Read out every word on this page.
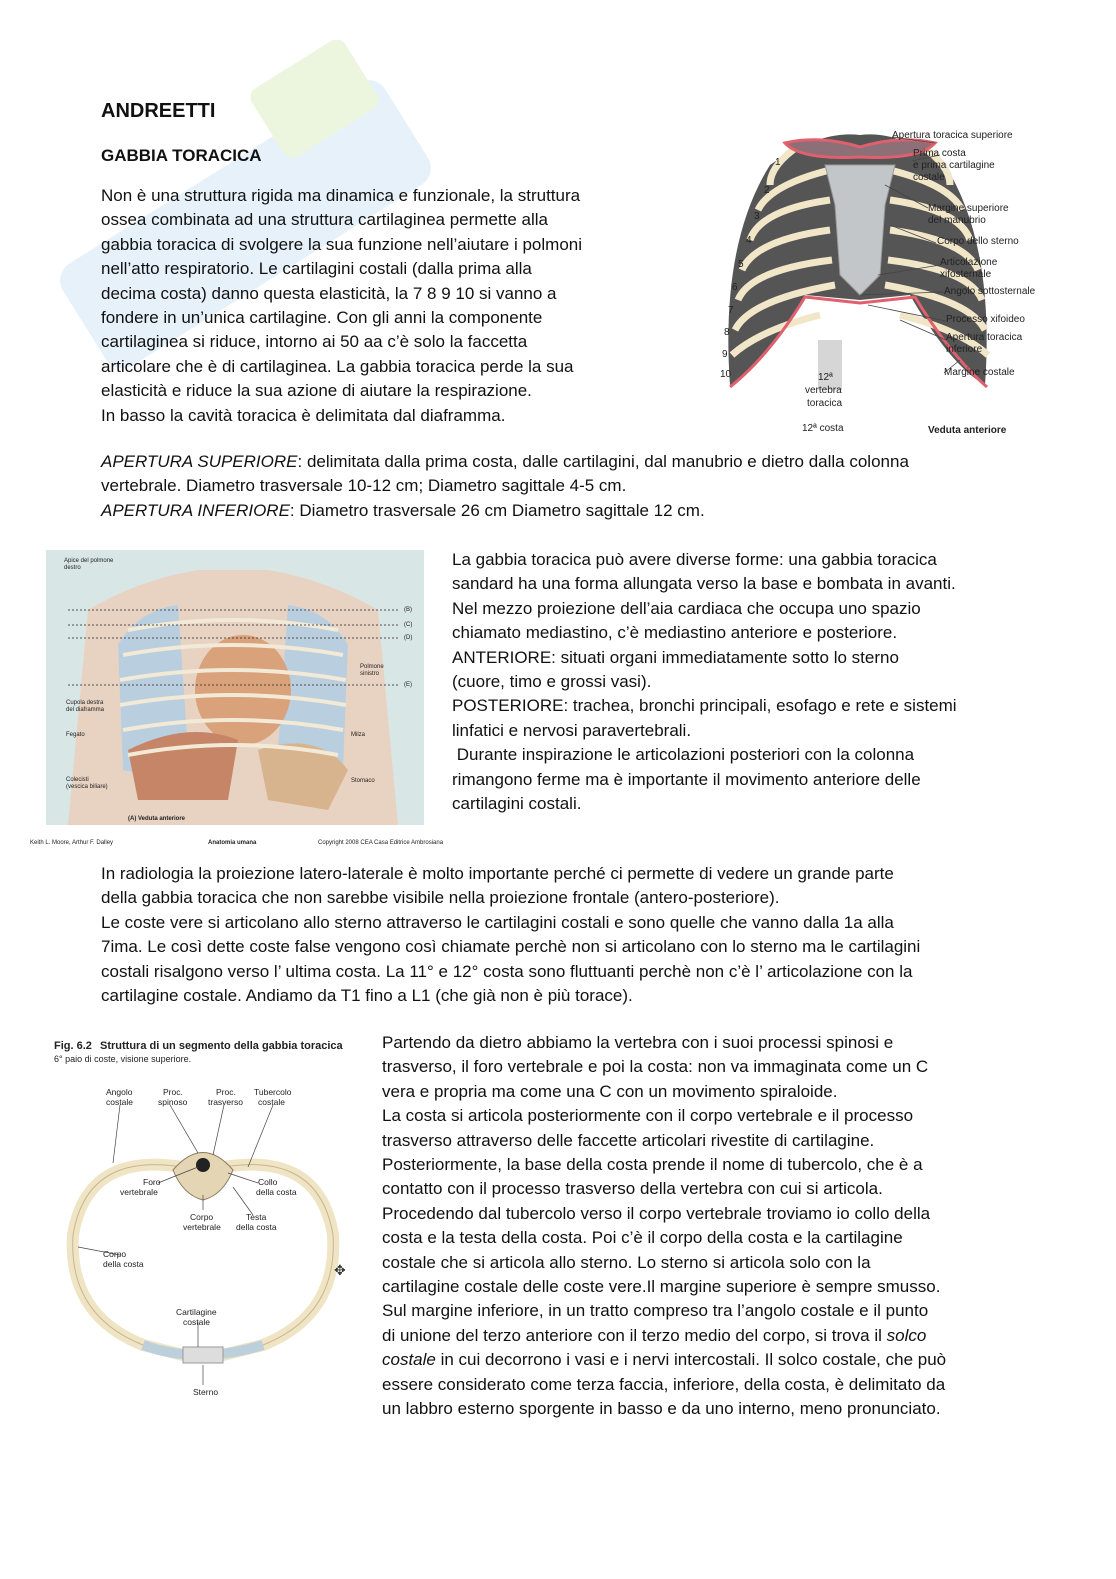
ANDREETTI
GABBIA TORACICA

Non è una struttura rigida ma dinamica e funzionale, la struttura

ossea combinata ad una struttura cartilaginea permette alla

gabbia toracica di svolgere la sua funzione nell’aiutare i polmoni

nell’atto respiratorio. Le cartilagini costali (dalla prima alla

decima costa) danno questa elasticità, la 7 8 9 10 si vanno a

fondere in un’unica cartilagine. Con gli anni la componente

cartilaginea si riduce, intorno ai 50 aa c’è solo la faccetta

articolare che è di cartilaginea. La gabbia toracica perde la sua

elasticità e riduce la sua azione di aiutare la respirazione.

In basso la cavità toracica è delimitata dal diaframma.

1
2
3
4
5
6
7
8
9
10
Apertura toracica superiore
Prima costa
e prima cartilagine
costale
Margine superiore
del manubrio
Corpo dello sterno
Articolazione
xifosternale
Angolo sottosternale
Processo xifoideo
Apertura toracica
inferiore
Margine costale
12ª
vertebra
toracica
12ª costa	Veduta anteriore

APERTURA SUPERIORE: delimitata dalla prima costa, dalle cartilagini, dal manubrio e dietro dalla colonna

vertebrale. Diametro trasversale 10-12 cm; Diametro sagittale 4-5 cm.

APERTURA INFERIORE: Diametro trasversale 26 cm Diametro sagittale 12 cm.

Apice del polmone
destro
(B)
(C)
(D)
Polmone
sinistro
(E)
Cupola destra
del diaframma
Fegato	Milza
Colecisti
(vescica biliare)
Stomaco
(A) Veduta anteriore
Keith L. Moore, Arthur F. Dalley	Anatomia umana	Copyright 2008 CEA Casa Editrice Ambrosiana

La gabbia toracica può avere diverse forme: una gabbia toracica

sandard ha una forma allungata verso la base e bombata in avanti.

Nel mezzo proiezione dell’aia cardiaca che occupa uno spazio

chiamato mediastino, c’è mediastino anteriore e posteriore.

ANTERIORE: situati organi immediatamente sotto lo sterno

(cuore, timo e grossi vasi).

POSTERIORE: trachea, bronchi principali, esofago e rete e sistemi

linfatici e nervosi paravertebrali.

Durante inspirazione le articolazioni posteriori con la colonna

rimangono ferme ma è importante il movimento anteriore delle

cartilagini costali.

In radiologia la proiezione latero-laterale è molto importante perché ci permette di vedere un grande parte

della gabbia toracica che non sarebbe visibile nella proiezione frontale (antero-posteriore).

Le coste vere si articolano allo sterno attraverso le cartilagini costali e sono quelle che vanno dalla 1a alla

7ima. Le così dette coste false vengono così chiamate perchè non si articolano con lo sterno ma le cartilagini

costali risalgono verso l’ ultima costa. La 11° e 12° costa sono fluttuanti perchè non c’è l’ articolazione con la

cartilagine costale. Andiamo da T1 fino a L1 (che già non è più torace).

Fig. 6.2 Struttura di un segmento della gabbia toracica
6° paio di coste, visione superiore.
Angolo
costale
Proc.
spinoso
Proc.
trasverso
Tubercolo
costale
Foro
vertebrale
Collo
della costa
Corpo
vertebrale
Testa
della costa
Corpo
della costa
Cartilagine
costale
Sterno
✥

Partendo da dietro abbiamo la vertebra con i suoi processi spinosi e

trasverso, il foro vertebrale e poi la costa: non va immaginata come un C

vera e propria ma come una C con un movimento spiraloide.

La costa si articola posteriormente con il corpo vertebrale e il processo

trasverso attraverso delle faccette articolari rivestite di cartilagine.

Posteriormente, la base della costa prende il nome di tubercolo, che è a

contatto con il processo trasverso della vertebra con cui si articola.

Procedendo dal tubercolo verso il corpo vertebrale troviamo io collo della

costa e la testa della costa. Poi c’è il corpo della costa e la cartilagine

costale che si articola allo sterno. Lo sterno si articola solo con la

cartilagine costale delle coste vere.Il margine superiore è sempre smusso.

Sul margine inferiore, in un tratto compreso tra l’angolo costale e il punto

di unione del terzo anteriore con il terzo medio del corpo, si trova il solco

costale in cui decorrono i vasi e i nervi intercostali. Il solco costale, che può

essere considerato come terza faccia, inferiore, della costa, è delimitato da

un labbro esterno sporgente in basso e da uno interno, meno pronunciato.
